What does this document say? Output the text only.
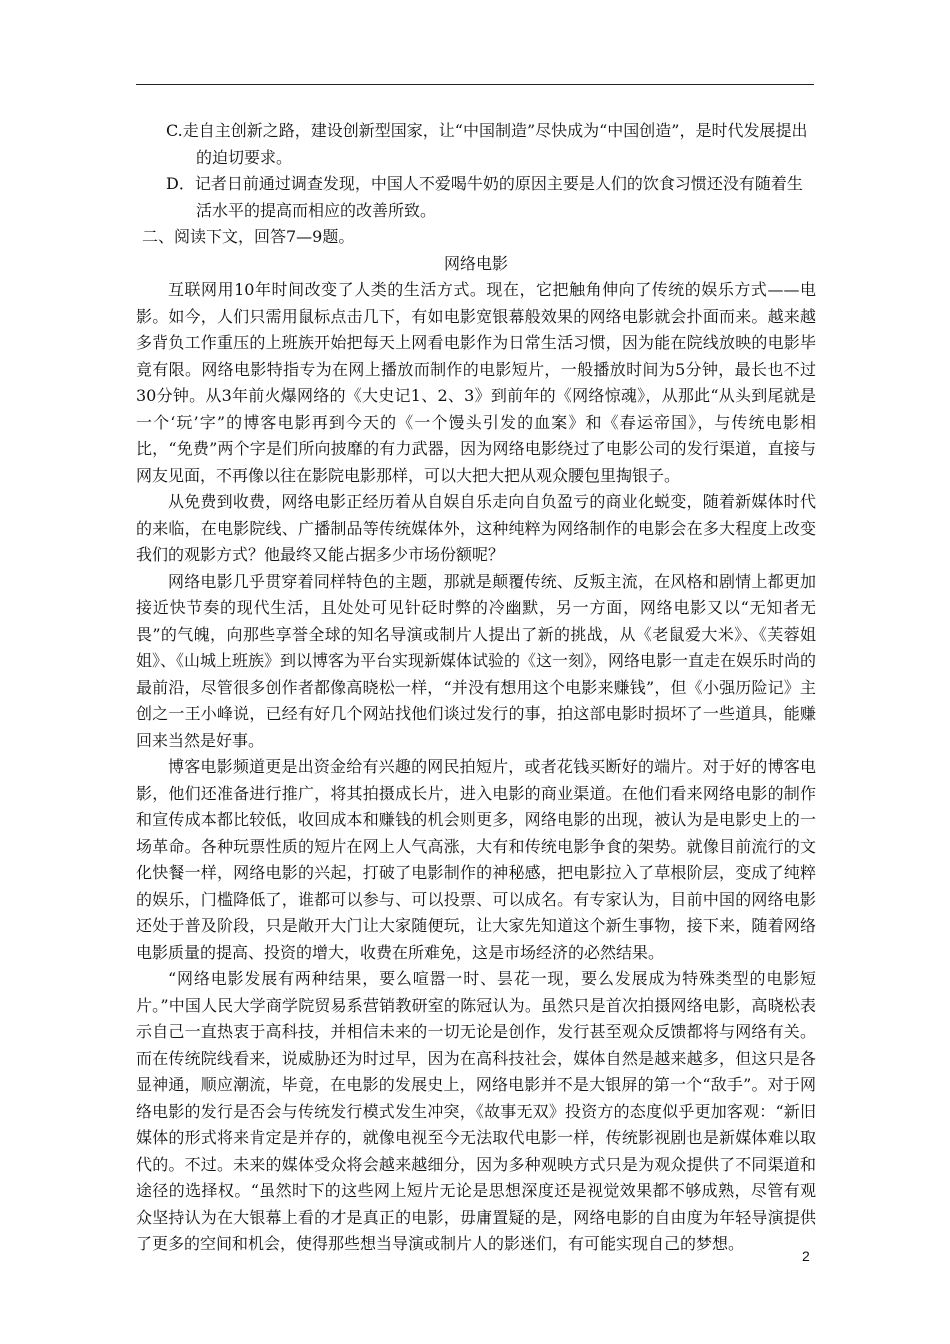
C.走自主创新之路，建设创新型国家，让“中国制造”尽快成为“中国创造”，是时代发展提出的迫切要求。

D．记者日前通过调查发现，中国人不爱喝牛奶的原因主要是人们的饮食习惯还没有随着生活水平的提高而相应的改善所致。

二、阅读下文，回答7—9题。

网络电影

互联网用10年时间改变了人类的生活方式。现在，它把触角伸向了传统的娱乐方式——电影。如今，人们只需用鼠标点击几下，有如电影宽银幕般效果的网络电影就会扑面而来。越来越多背负工作重压的上班族开始把每天上网看电影作为日常生活习惯，因为能在院线放映的电影毕竟有限。网络电影特指专为在网上播放而制作的电影短片，一般播放时间为5分钟，最长也不过30分钟。从3年前火爆网络的《大史记1、2、3》到前年的《网络惊魂》，从那此“从头到尾就是一个‘玩’字”的博客电影再到今天的《一个馒头引发的血案》和《春运帝国》，与传统电影相比，“免费”两个字是们所向披靡的有力武器，因为网络电影绕过了电影公司的发行渠道，直接与网友见面，不再像以往在影院电影那样，可以大把大把从观众腰包里掏银子。

从免费到收费，网络电影正经历着从自娱自乐走向自负盈亏的商业化蜕变，随着新媒体时代的来临，在电影院线、广播制品等传统媒体外，这种纯粹为网络制作的电影会在多大程度上改变我们的观影方式？他最终又能占据多少市场份额呢？

网络电影几乎贯穿着同样特色的主题，那就是颠覆传统、反叛主流，在风格和剧情上都更加接近快节奏的现代生活，且处处可见针砭时弊的冷幽默，另一方面，网络电影又以“无知者无畏”的气魄，向那些享誉全球的知名导演或制片人提出了新的挑战，从《老鼠爱大米》、《芙蓉姐姐》、《山城上班族》到以博客为平台实现新媒体试验的《这一刻》，网络电影一直走在娱乐时尚的最前沿，尽管很多创作者都像高晓松一样，“并没有想用这个电影来赚钱”，但《小强历险记》主创之一王小峰说，已经有好几个网站找他们谈过发行的事，拍这部电影时损坏了一些道具，能赚回来当然是好事。

博客电影频道更是出资金给有兴趣的网民拍短片，或者花钱买断好的端片。对于好的博客电影，他们还准备进行推广，将其拍摄成长片，进入电影的商业渠道。在他们看来网络电影的制作和宣传成本都比较低，收回成本和赚钱的机会则更多，网络电影的出现，被认为是电影史上的一场革命。各种玩票性质的短片在网上人气高涨，大有和传统电影争食的架势。就像目前流行的文化快餐一样，网络电影的兴起，打破了电影制作的神秘感，把电影拉入了草根阶层，变成了纯粹的娱乐，门槛降低了，谁都可以参与、可以投票、可以成名。有专家认为，目前中国的网络电影还处于普及阶段，只是敞开大门让大家随便玩，让大家先知道这个新生事物，接下来，随着网络电影质量的提高、投资的增大，收费在所难免，这是市场经济的必然结果。

“网络电影发展有两种结果，要么喧嚣一时、昙花一现，要么发展成为特殊类型的电影短片。”中国人民大学商学院贸易系营销教研室的陈冠认为。虽然只是首次拍摄网络电影，高晓松表示自己一直热衷于高科技，并相信未来的一切无论是创作，发行甚至观众反馈都将与网络有关。而在传统院线看来，说威胁还为时过早，因为在高科技社会，媒体自然是越来越多，但这只是各显神通，顺应潮流，毕竟，在电影的发展史上，网络电影并不是大银屏的第一个“敌手”。对于网络电影的发行是否会与传统发行模式发生冲突，《故事无双》投资方的态度似乎更加客观：“新旧媒体的形式将来肯定是并存的，就像电视至今无法取代电影一样，传统影视剧也是新媒体难以取代的。不过。未来的媒体受众将会越来越细分，因为多种观映方式只是为观众提供了不同渠道和途径的选择权。“虽然时下的这些网上短片无论是思想深度还是视觉效果都不够成熟，尽管有观众坚持认为在大银幕上看的才是真正的电影，毋庸置疑的是，网络电影的自由度为年轻导演提供了更多的空间和机会，使得那些想当导演或制片人的影迷们，有可能实现自己的梦想。

2
